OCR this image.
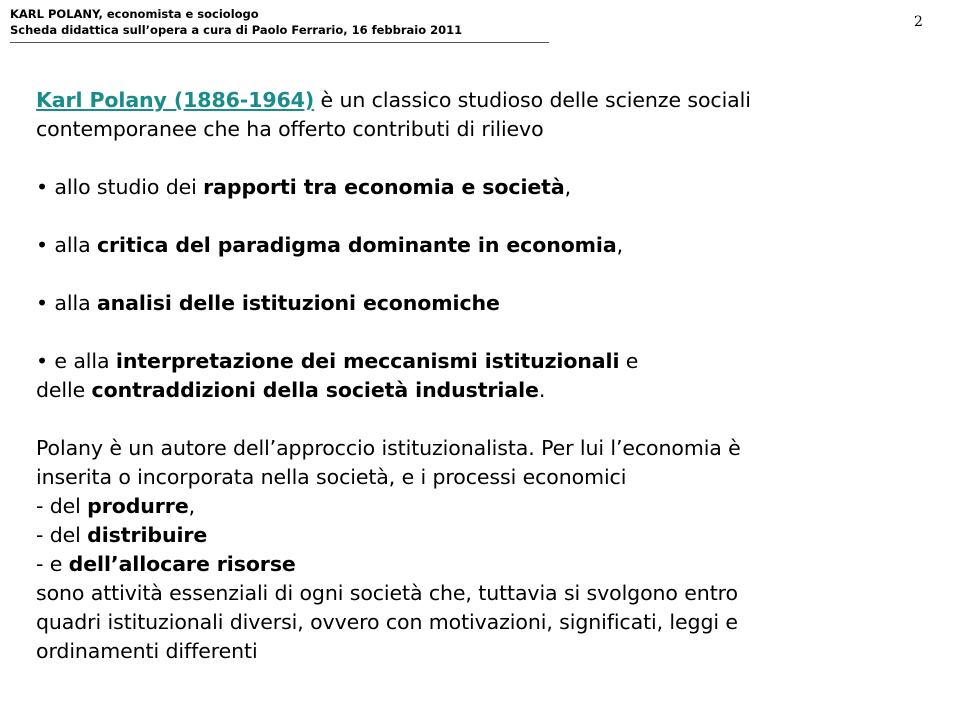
KARL POLANY, economista e sociologo
Scheda didattica sull’opera a cura di Paolo Ferrario, 16 febbraio 2011	2

Karl Polany (1886-1964) è un classico studioso delle scienze sociali
contemporanee che ha offerto contributi di rilievo

• allo studio dei rapporti tra economia e società,

• alla critica del paradigma dominante in economia,

• alla analisi delle istituzioni economiche

• e alla interpretazione dei meccanismi istituzionali e
delle contraddizioni della società industriale.

Polany è un autore dell’approccio istituzionalista. Per lui l’economia è
inserita o incorporata nella società, e i processi economici
- del produrre,
- del distribuire
- e dell’allocare risorse
sono attività essenziali di ogni società che, tuttavia si svolgono entro
quadri istituzionali diversi, ovvero con motivazioni, significati, leggi e
ordinamenti differenti
